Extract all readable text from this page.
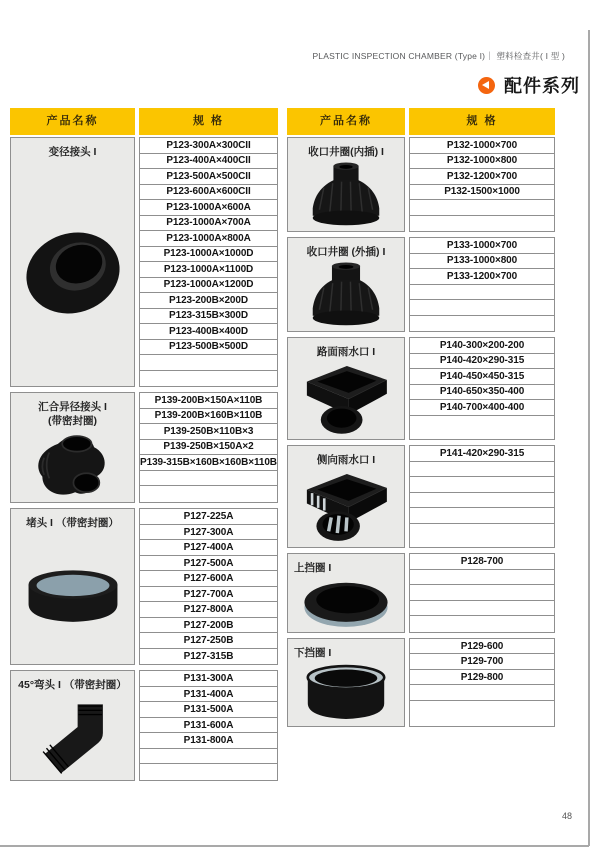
PLASTIC INSPECTION CHAMBER (Type I)｜ 塑料检查井( I 型 )
配件系列
产品名称	规 格
变径接头 I
P123-300A×300CII
P123-400A×400CII
P123-500A×500CII
P123-600A×600CII
P123-1000A×600A
P123-1000A×700A
P123-1000A×800A
P123-1000A×1000D
P123-1000A×1100D
P123-1000A×1200D
P123-200B×200D
P123-315B×300D
P123-400B×400D
P123-500B×500D
汇合异径接头 I
(带密封圈)
P139-200B×150A×110B
P139-200B×160B×110B
P139-250B×110B×3
P139-250B×150A×2
P139-315B×160B×160B×110B
堵头 I （带密封圈）
P127-225A
P127-300A
P127-400A
P127-500A
P127-600A
P127-700A
P127-800A
P127-200B
P127-250B
P127-315B
45°弯头 I （带密封圈）
P131-300A
P131-400A
P131-500A
P131-600A
P131-800A
产品名称	规 格
收口井圈(内插) I
P132-1000×700
P132-1000×800
P132-1200×700
P132-1500×1000
收口井圈 (外插) I
P133-1000×700
P133-1000×800
P133-1200×700
路面雨水口 I
P140-300×200-200
P140-420×290-315
P140-450×450-315
P140-650×350-400
P140-700×400-400
侧向雨水口 I
P141-420×290-315
上挡圈 I
P128-700
下挡圈 I
P129-600
P129-700
P129-800
48
